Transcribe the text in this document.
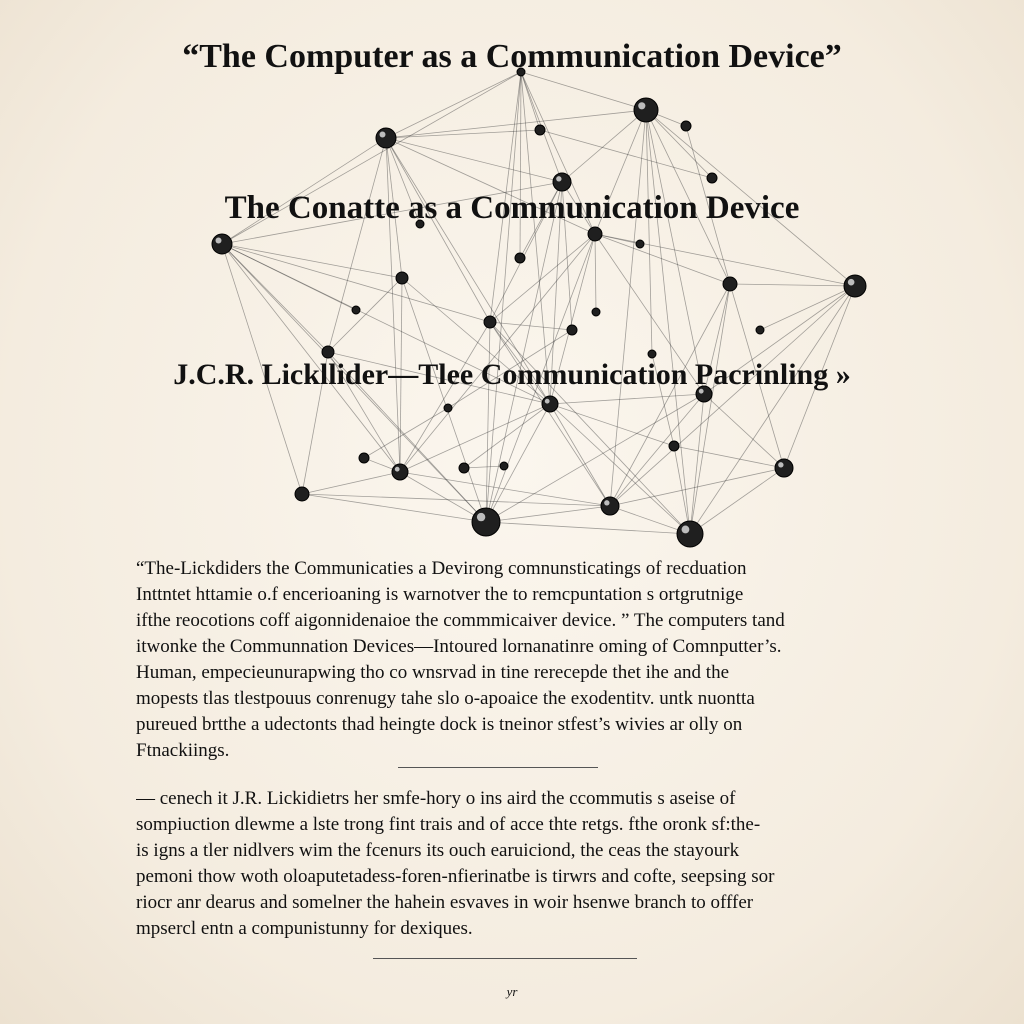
“The Computer as a Communication Device”
The Conatte as a Communication Device
J.C.R. Lickllider—Tlee Communication Pacrinling »

“The-Lickdiders the Communicaties a Devirong comnunsticatings of recduation
Inttntet httamie o.f encerioaning is warnotver the to remcpuntation s ortgrutnige
ifthe reocotions coff aigonnidenaioe the commmicaiver device. ” The computers tand
itwonke the Communnation Devices—Intoured lornanatinre oming of Comnputter’s.
Human, empecieunurapwing tho co wnsrvad in tine rerecepde thet ihe and the
mopests tlas tlestpouus conrenugy tahe slo o-apoaice the exodentitv. untk nuontta
pureued brtthe a udectonts thad heingte dock is tneinor stfest’s wivies ar olly on
Ftnackiings.

— cenech it J.R. Lickidietrs her smfe-hory o ins aird the ccommutis s aseise of
sompiuction dlewme a lste trong fint trais and of acce thte retgs. fthe oronk sf:the-
is igns a tler nidlvers wim the fcenurs its ouch earuiciond, the ceas the stayourk
pemoni thow woth oloaputetadess-foren-nfierinatbe is tirwrs and cofte, seepsing sor
riocr anr dearus and somelner the hahein esvaves in woir hsenwe branch to offfer
mpsercl entn a compunistunny for dexiques.

yr
